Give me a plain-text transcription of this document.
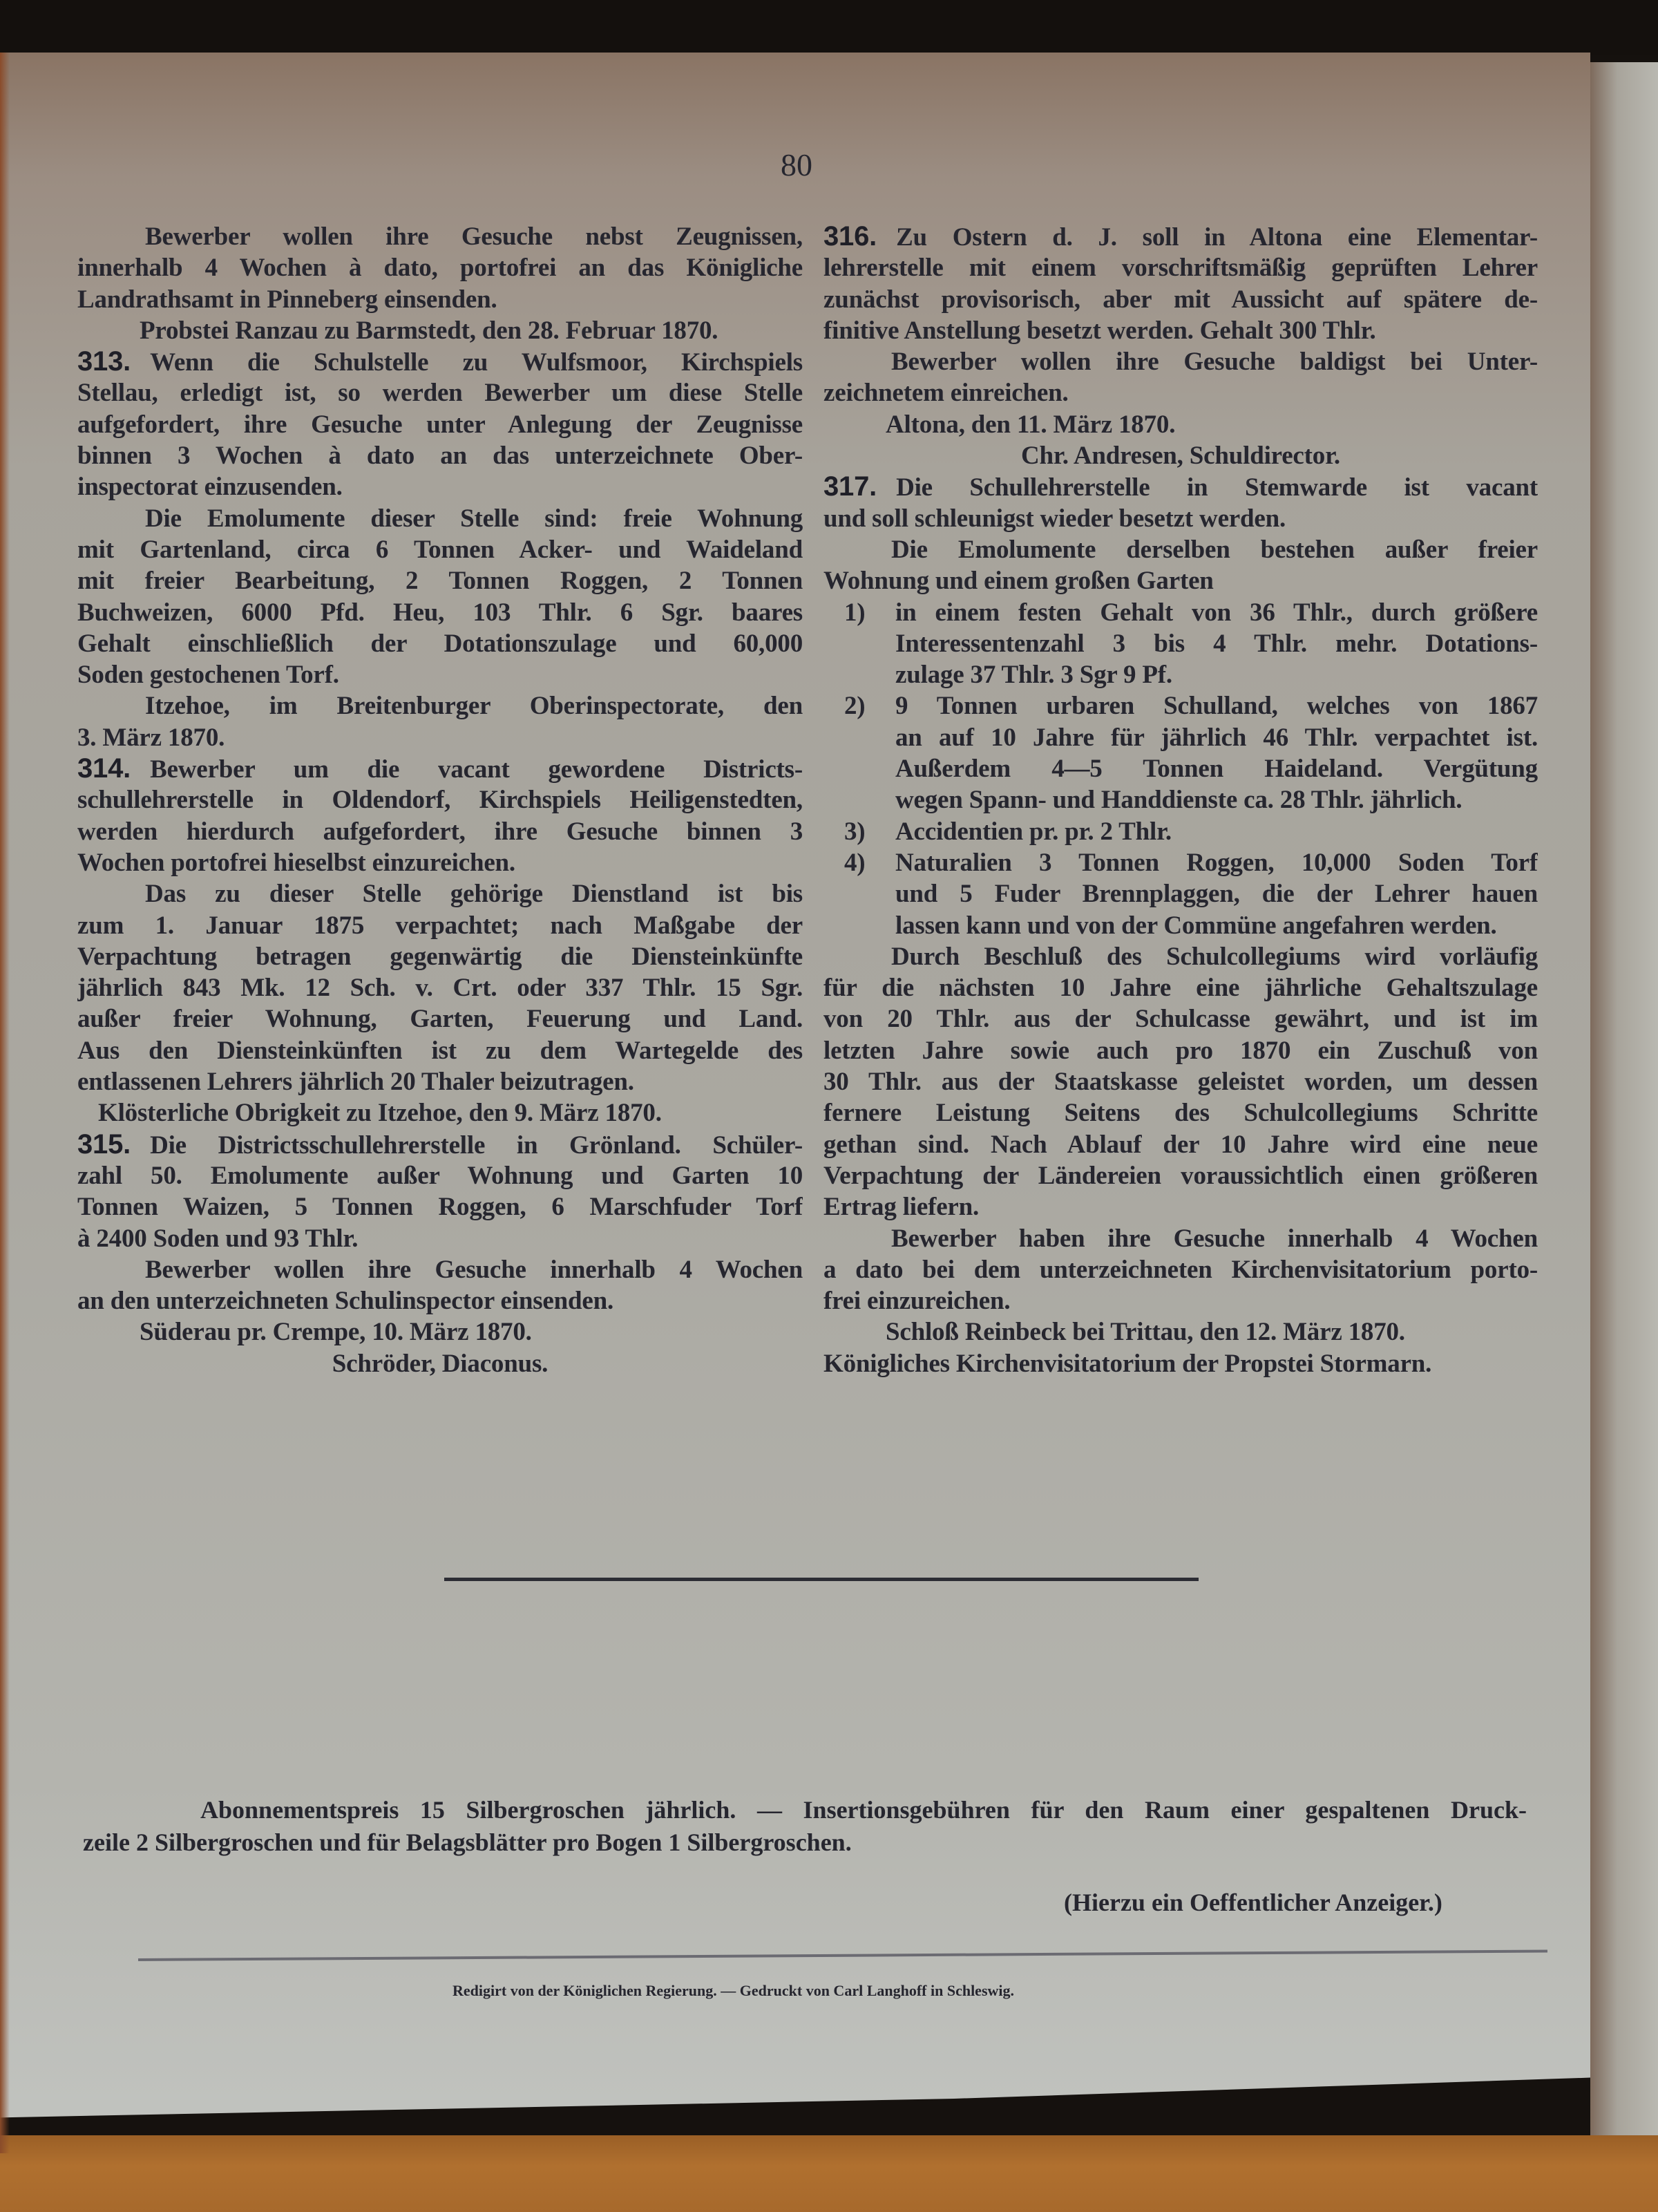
80
Bewerber wollen ihre Gesuche nebst Zeugnissen,
innerhalb 4 Wochen à dato, portofrei an das Königliche
Landrathsamt in Pinneberg einsenden.
Probstei Ranzau zu Barmstedt, den 28. Februar 1870.
313. Wenn die Schulstelle zu Wulfsmoor, Kirchspiels
Stellau, erledigt ist, so werden Bewerber um diese Stelle
aufgefordert, ihre Gesuche unter Anlegung der Zeugnisse
binnen 3 Wochen à dato an das unterzeichnete Ober-
inspectorat einzusenden.
Die Emolumente dieser Stelle sind: freie Wohnung
mit Gartenland, circa 6 Tonnen Acker- und Waideland
mit freier Bearbeitung, 2 Tonnen Roggen, 2 Tonnen
Buchweizen, 6000 Pfd. Heu, 103 Thlr. 6 Sgr. baares
Gehalt einschließlich der Dotationszulage und 60,000
Soden gestochenen Torf.
Itzehoe, im Breitenburger Oberinspectorate, den
3. März 1870.
314. Bewerber um die vacant gewordene Districts-
schullehrerstelle in Oldendorf, Kirchspiels Heiligenstedten,
werden hierdurch aufgefordert, ihre Gesuche binnen 3
Wochen portofrei hieselbst einzureichen.
Das zu dieser Stelle gehörige Dienstland ist bis
zum 1. Januar 1875 verpachtet; nach Maßgabe der
Verpachtung betragen gegenwärtig die Diensteinkünfte
jährlich 843 Mk. 12 Sch. v. Crt. oder 337 Thlr. 15 Sgr.
außer freier Wohnung, Garten, Feuerung und Land.
Aus den Diensteinkünften ist zu dem Wartegelde des
entlassenen Lehrers jährlich 20 Thaler beizutragen.
Klösterliche Obrigkeit zu Itzehoe, den 9. März 1870.
315. Die Districtsschullehrerstelle in Grönland. Schüler-
zahl 50. Emolumente außer Wohnung und Garten 10
Tonnen Waizen, 5 Tonnen Roggen, 6 Marschfuder Torf
à 2400 Soden und 93 Thlr.
Bewerber wollen ihre Gesuche innerhalb 4 Wochen
an den unterzeichneten Schulinspector einsenden.
Süderau pr. Crempe, 10. März 1870.
Schröder, Diaconus.
316. Zu Ostern d. J. soll in Altona eine Elementar-
lehrerstelle mit einem vorschriftsmäßig geprüften Lehrer
zunächst provisorisch, aber mit Aussicht auf spätere de-
finitive Anstellung besetzt werden. Gehalt 300 Thlr.
Bewerber wollen ihre Gesuche baldigst bei Unter-
zeichnetem einreichen.
Altona, den 11. März 1870.
Chr. Andresen, Schuldirector.
317. Die Schullehrerstelle in Stemwarde ist vacant
und soll schleunigst wieder besetzt werden.
Die Emolumente derselben bestehen außer freier
Wohnung und einem großen Garten
1) in einem festen Gehalt von 36 Thlr., durch größere
Interessentenzahl 3 bis 4 Thlr. mehr. Dotations-
zulage 37 Thlr. 3 Sgr 9 Pf.
2) 9 Tonnen urbaren Schulland, welches von 1867
an auf 10 Jahre für jährlich 46 Thlr. verpachtet ist.
Außerdem 4—5 Tonnen Haideland. Vergütung
wegen Spann- und Handdienste ca. 28 Thlr. jährlich.
3) Accidentien pr. pr. 2 Thlr.
4) Naturalien 3 Tonnen Roggen, 10,000 Soden Torf
und 5 Fuder Brennplaggen, die der Lehrer hauen
lassen kann und von der Commüne angefahren werden.
Durch Beschluß des Schulcollegiums wird vorläufig
für die nächsten 10 Jahre eine jährliche Gehaltszulage
von 20 Thlr. aus der Schulcasse gewährt, und ist im
letzten Jahre sowie auch pro 1870 ein Zuschuß von
30 Thlr. aus der Staatskasse geleistet worden, um dessen
fernere Leistung Seitens des Schulcollegiums Schritte
gethan sind. Nach Ablauf der 10 Jahre wird eine neue
Verpachtung der Ländereien voraussichtlich einen größeren
Ertrag liefern.
Bewerber haben ihre Gesuche innerhalb 4 Wochen
a dato bei dem unterzeichneten Kirchenvisitatorium porto-
frei einzureichen.
Schloß Reinbeck bei Trittau, den 12. März 1870.
Königliches Kirchenvisitatorium der Propstei Stormarn.
Abonnementspreis 15 Silbergroschen jährlich. — Insertionsgebühren für den Raum einer gespaltenen Druck-
zeile 2 Silbergroschen und für Belagsblätter pro Bogen 1 Silbergroschen.
(Hierzu ein Oeffentlicher Anzeiger.)
Redigirt von der Königlichen Regierung. — Gedruckt von Carl Langhoff in Schleswig.
